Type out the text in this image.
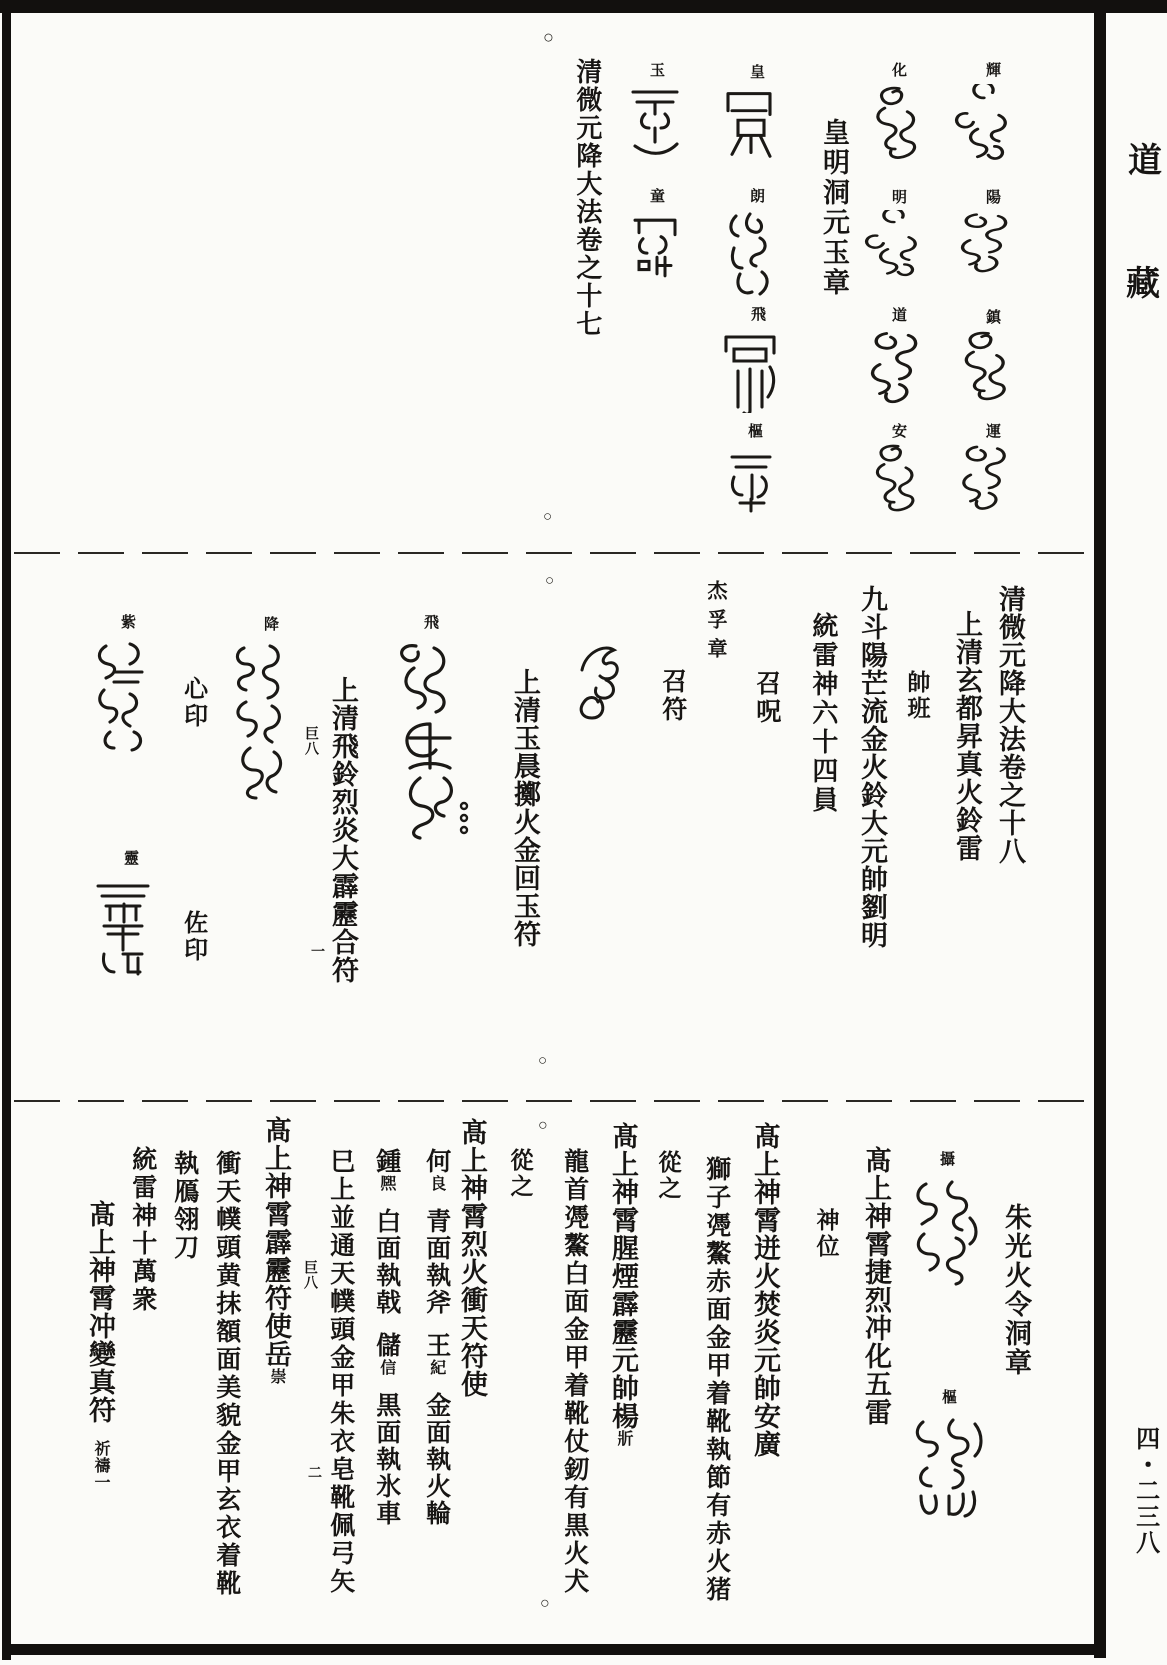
道
藏
四・二三八
○
輝
陽
鎮
運
化
明
道
安
皇明洞元玉章
皇
朗
飛
樞
玉
童
清微元降大法卷之十七
○
○
清微元降大法卷之十八
上清玄都昇真火鈴雷
帥班
九斗陽芒流金火鈴大元帥劉明
統雷神六十四員
召呪
杰孚章
召符
上清玉晨擲火金回玉符
飛
上清飛鈴烈炎大霹靂合符
巨八
一
降
心印
佐印
紫
靈
○
○
朱光火令洞章
攝
樞
髙上神霄捷烈冲化五雷
神位
髙上神霄迸火焚炎元帥安廣
獅子凴鰲赤面金甲着靴執節有赤火猪
從之
髙上神霄腥煙霹靂元帥楊斨
龍首凴鰲白面金甲着靴仗釰有黒火犬
從之
髙上神霄烈火衝天符使
何良青面執斧王紀金面執火輪
鍾熈白面執戟儲信黒面執氷車
巳上並通天幞頭金甲朱衣皂靴佩弓矢
巨八
二
髙上神霄霹靂符使岳崇
衝天幞頭黄抹額面美貌金甲玄衣着靴
執鴈翎刀
統雷神十萬衆
髙上神霄冲變真符祈禱一
○
